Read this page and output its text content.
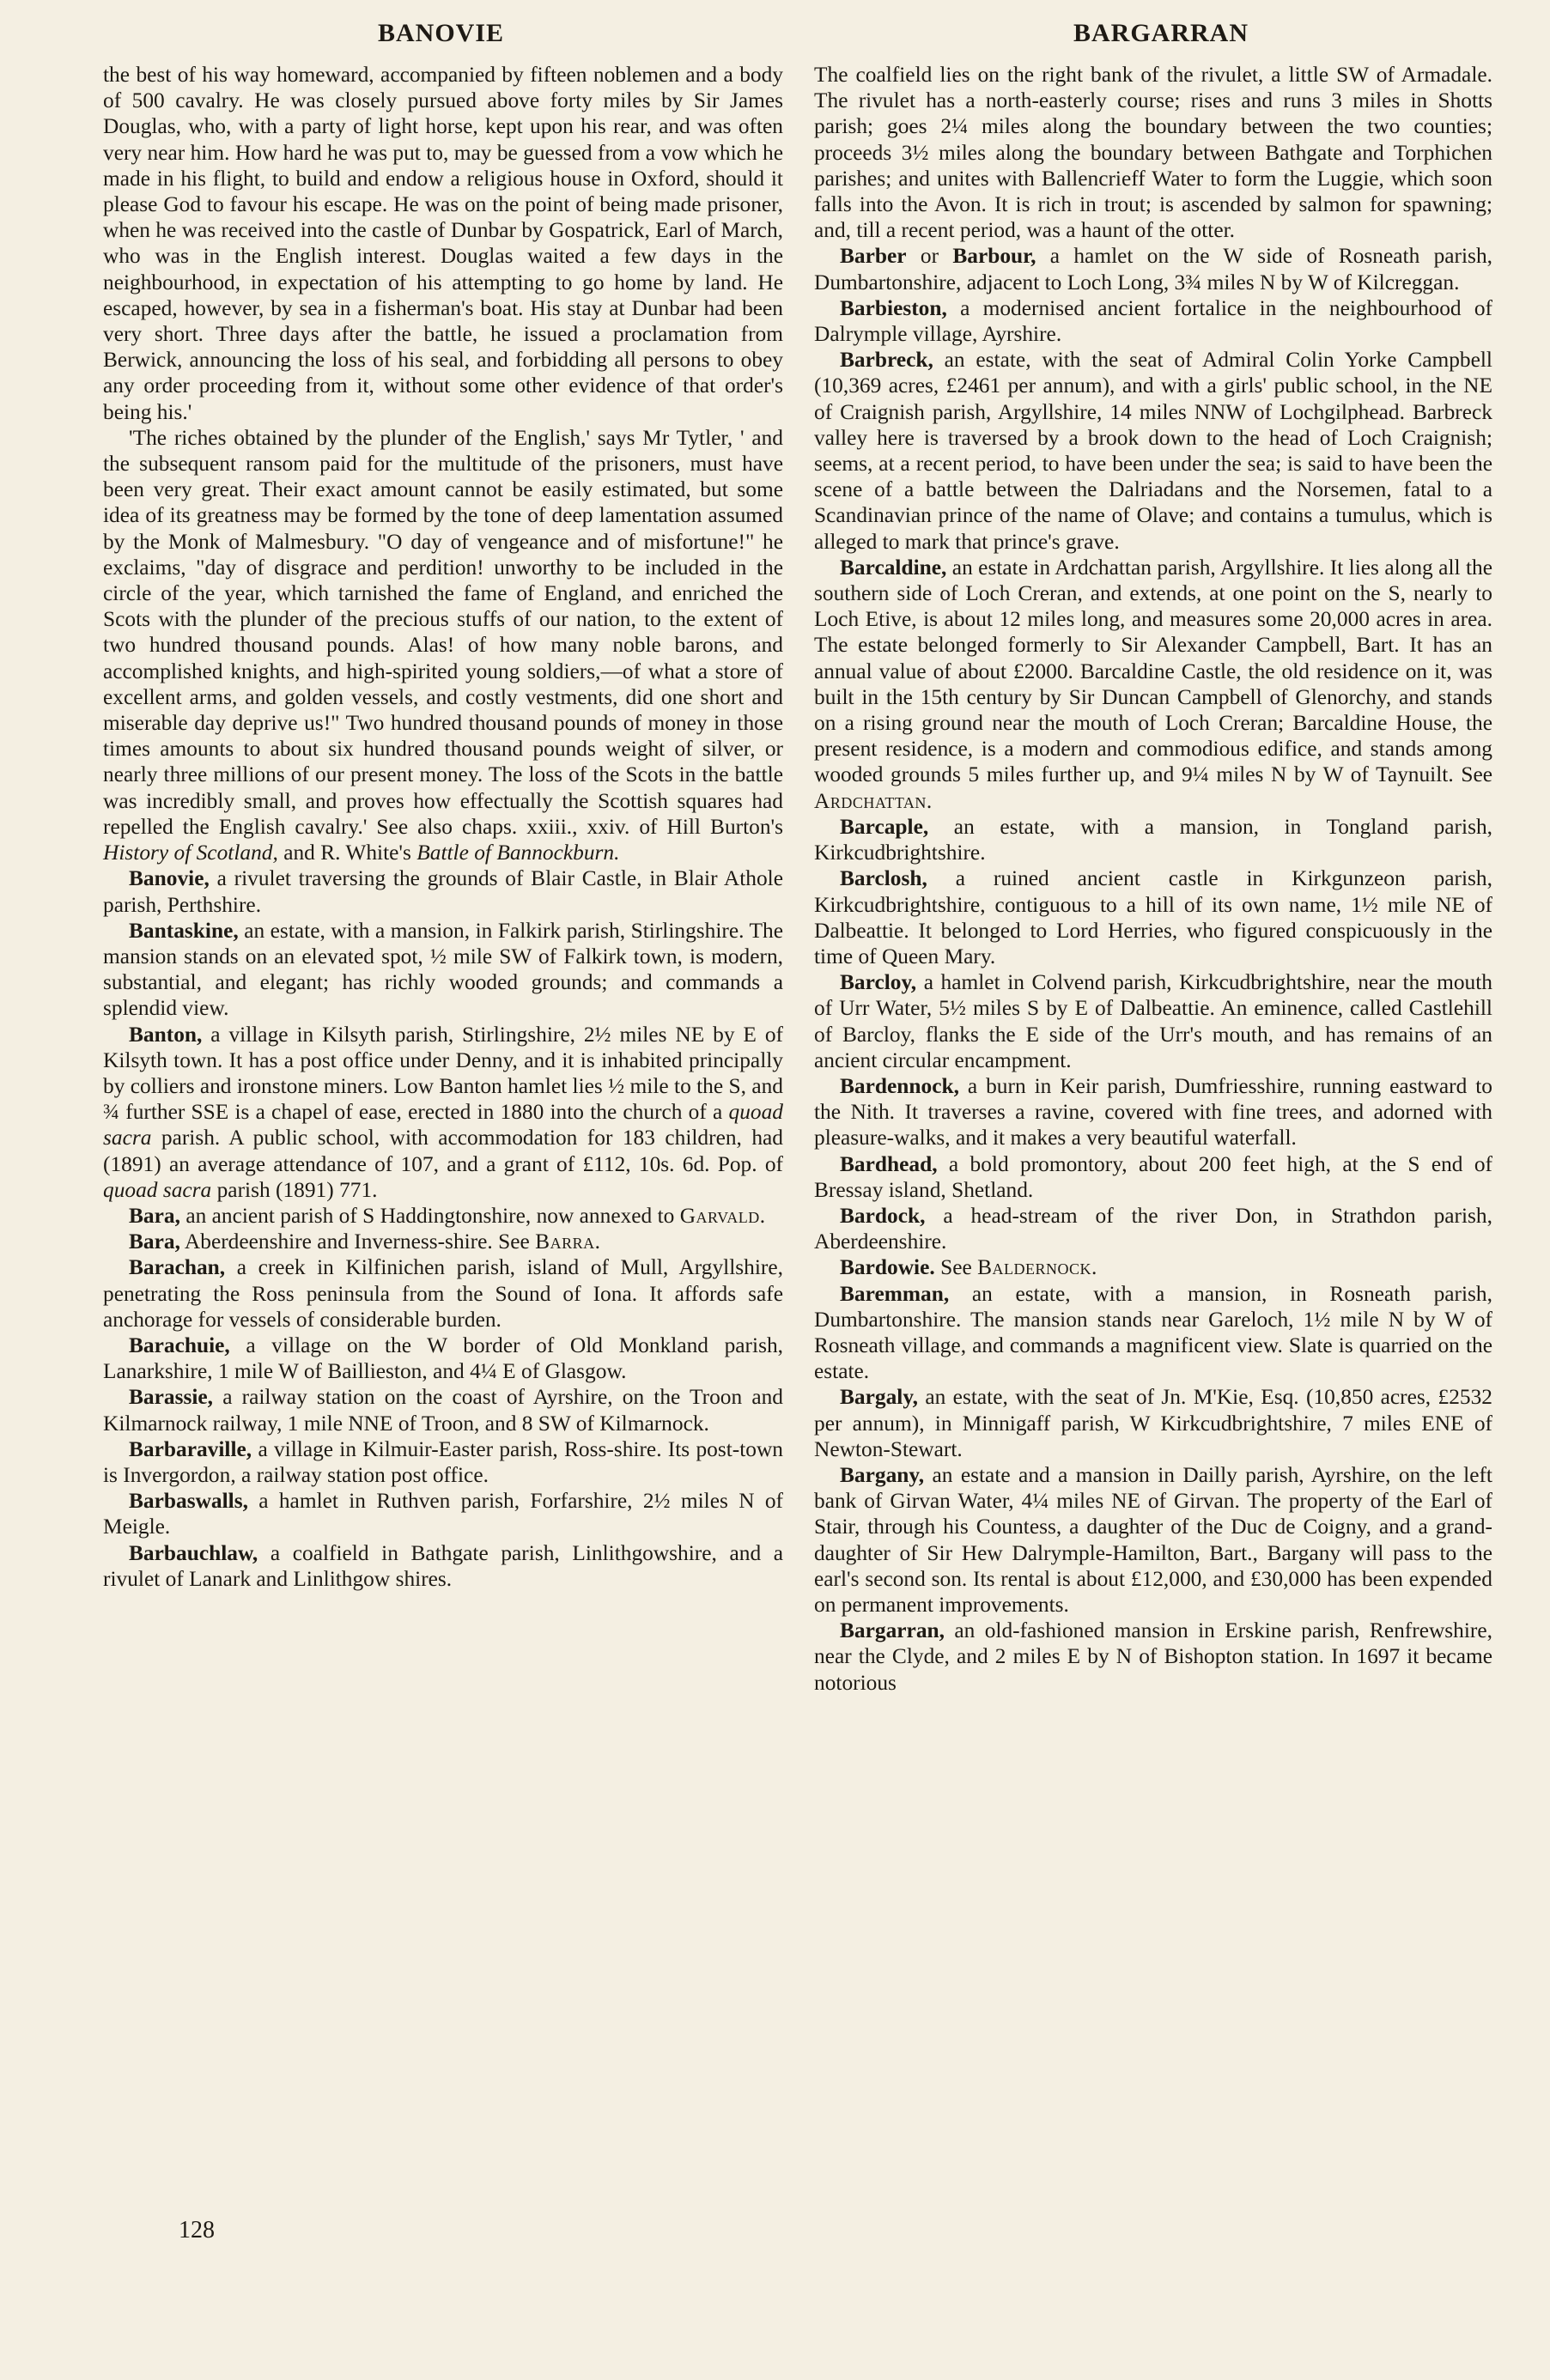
BANOVIE	BARGARRAN

the best of his way homeward, accompanied by fifteen noblemen and a body of 500 cavalry. He was closely pursued above forty miles by Sir James Douglas, who, with a party of light horse, kept upon his rear, and was often very near him. How hard he was put to, may be guessed from a vow which he made in his flight, to build and endow a religious house in Oxford, should it please God to favour his escape. He was on the point of being made prisoner, when he was received into the castle of Dunbar by Gospatrick, Earl of March, who was in the English interest. Douglas waited a few days in the neighbourhood, in expectation of his attempting to go home by land. He escaped, however, by sea in a fisherman's boat. His stay at Dunbar had been very short. Three days after the battle, he issued a proclamation from Berwick, announcing the loss of his seal, and forbidding all persons to obey any order proceeding from it, without some other evidence of that order's being his.'

'The riches obtained by the plunder of the English,' says Mr Tytler, ' and the subsequent ransom paid for the multitude of the prisoners, must have been very great. Their exact amount cannot be easily estimated, but some idea of its greatness may be formed by the tone of deep lamentation assumed by the Monk of Malmesbury. "O day of vengeance and of misfortune!" he exclaims, "day of disgrace and perdition! unworthy to be included in the circle of the year, which tarnished the fame of England, and enriched the Scots with the plunder of the precious stuffs of our nation, to the extent of two hundred thousand pounds. Alas! of how many noble barons, and accomplished knights, and high-spirited young soldiers,—of what a store of excellent arms, and golden vessels, and costly vestments, did one short and miserable day deprive us!" Two hundred thousand pounds of money in those times amounts to about six hundred thousand pounds weight of silver, or nearly three millions of our present money. The loss of the Scots in the battle was incredibly small, and proves how effectually the Scottish squares had repelled the English cavalry.' See also chaps. xxiii., xxiv. of Hill Burton's History of Scotland, and R. White's Battle of Bannockburn.

Banovie, a rivulet traversing the grounds of Blair Castle, in Blair Athole parish, Perthshire.

Bantaskine, an estate, with a mansion, in Falkirk parish, Stirlingshire. The mansion stands on an elevated spot, ½ mile SW of Falkirk town, is modern, substantial, and elegant; has richly wooded grounds; and commands a splendid view.

Banton, a village in Kilsyth parish, Stirlingshire, 2½ miles NE by E of Kilsyth town. It has a post office under Denny, and it is inhabited principally by colliers and ironstone miners. Low Banton hamlet lies ½ mile to the S, and ¾ further SSE is a chapel of ease, erected in 1880 into the church of a quoad sacra parish. A public school, with accommodation for 183 children, had (1891) an average attendance of 107, and a grant of £112, 10s. 6d. Pop. of quoad sacra parish (1891) 771.

Bara, an ancient parish of S Haddingtonshire, now annexed to Garvald.

Bara, Aberdeenshire and Inverness-shire. See Barra.

Barachan, a creek in Kilfinichen parish, island of Mull, Argyllshire, penetrating the Ross peninsula from the Sound of Iona. It affords safe anchorage for vessels of considerable burden.

Barachuie, a village on the W border of Old Monkland parish, Lanarkshire, 1 mile W of Baillieston, and 4¼ E of Glasgow.

Barassie, a railway station on the coast of Ayrshire, on the Troon and Kilmarnock railway, 1 mile NNE of Troon, and 8 SW of Kilmarnock.

Barbaraville, a village in Kilmuir-Easter parish, Ross-shire. Its post-town is Invergordon, a railway station post office.

Barbaswalls, a hamlet in Ruthven parish, Forfarshire, 2½ miles N of Meigle.

Barbauchlaw, a coalfield in Bathgate parish, Linlithgowshire, and a rivulet of Lanark and Linlithgow shires.

The coalfield lies on the right bank of the rivulet, a little SW of Armadale. The rivulet has a north-easterly course; rises and runs 3 miles in Shotts parish; goes 2¼ miles along the boundary between the two counties; proceeds 3½ miles along the boundary between Bathgate and Torphichen parishes; and unites with Ballencrieff Water to form the Luggie, which soon falls into the Avon. It is rich in trout; is ascended by salmon for spawning; and, till a recent period, was a haunt of the otter.

Barber or Barbour, a hamlet on the W side of Rosneath parish, Dumbartonshire, adjacent to Loch Long, 3¾ miles N by W of Kilcreggan.

Barbieston, a modernised ancient fortalice in the neighbourhood of Dalrymple village, Ayrshire.

Barbreck, an estate, with the seat of Admiral Colin Yorke Campbell (10,369 acres, £2461 per annum), and with a girls' public school, in the NE of Craignish parish, Argyllshire, 14 miles NNW of Lochgilphead. Barbreck valley here is traversed by a brook down to the head of Loch Craignish; seems, at a recent period, to have been under the sea; is said to have been the scene of a battle between the Dalriadans and the Norsemen, fatal to a Scandinavian prince of the name of Olave; and contains a tumulus, which is alleged to mark that prince's grave.

Barcaldine, an estate in Ardchattan parish, Argyllshire. It lies along all the southern side of Loch Creran, and extends, at one point on the S, nearly to Loch Etive, is about 12 miles long, and measures some 20,000 acres in area. The estate belonged formerly to Sir Alexander Campbell, Bart. It has an annual value of about £2000. Barcaldine Castle, the old residence on it, was built in the 15th century by Sir Duncan Campbell of Glenorchy, and stands on a rising ground near the mouth of Loch Creran; Barcaldine House, the present residence, is a modern and commodious edifice, and stands among wooded grounds 5 miles further up, and 9¼ miles N by W of Taynuilt. See Ardchattan.

Barcaple, an estate, with a mansion, in Tongland parish, Kirkcudbrightshire.

Barclosh, a ruined ancient castle in Kirkgunzeon parish, Kirkcudbrightshire, contiguous to a hill of its own name, 1½ mile NE of Dalbeattie. It belonged to Lord Herries, who figured conspicuously in the time of Queen Mary.

Barcloy, a hamlet in Colvend parish, Kirkcudbrightshire, near the mouth of Urr Water, 5½ miles S by E of Dalbeattie. An eminence, called Castlehill of Barcloy, flanks the E side of the Urr's mouth, and has remains of an ancient circular encampment.

Bardennock, a burn in Keir parish, Dumfriesshire, running eastward to the Nith. It traverses a ravine, covered with fine trees, and adorned with pleasure-walks, and it makes a very beautiful waterfall.

Bardhead, a bold promontory, about 200 feet high, at the S end of Bressay island, Shetland.

Bardock, a head-stream of the river Don, in Strathdon parish, Aberdeenshire.

Bardowie. See Baldernock.

Baremman, an estate, with a mansion, in Rosneath parish, Dumbartonshire. The mansion stands near Gareloch, 1½ mile N by W of Rosneath village, and commands a magnificent view. Slate is quarried on the estate.

Bargaly, an estate, with the seat of Jn. M'Kie, Esq. (10,850 acres, £2532 per annum), in Minnigaff parish, W Kirkcudbrightshire, 7 miles ENE of Newton-Stewart.

Bargany, an estate and a mansion in Dailly parish, Ayrshire, on the left bank of Girvan Water, 4¼ miles NE of Girvan. The property of the Earl of Stair, through his Countess, a daughter of the Duc de Coigny, and a grand-daughter of Sir Hew Dalrymple-Hamilton, Bart., Bargany will pass to the earl's second son. Its rental is about £12,000, and £30,000 has been expended on permanent improvements.

Bargarran, an old-fashioned mansion in Erskine parish, Renfrewshire, near the Clyde, and 2 miles E by N of Bishopton station. In 1697 it became notorious

128
